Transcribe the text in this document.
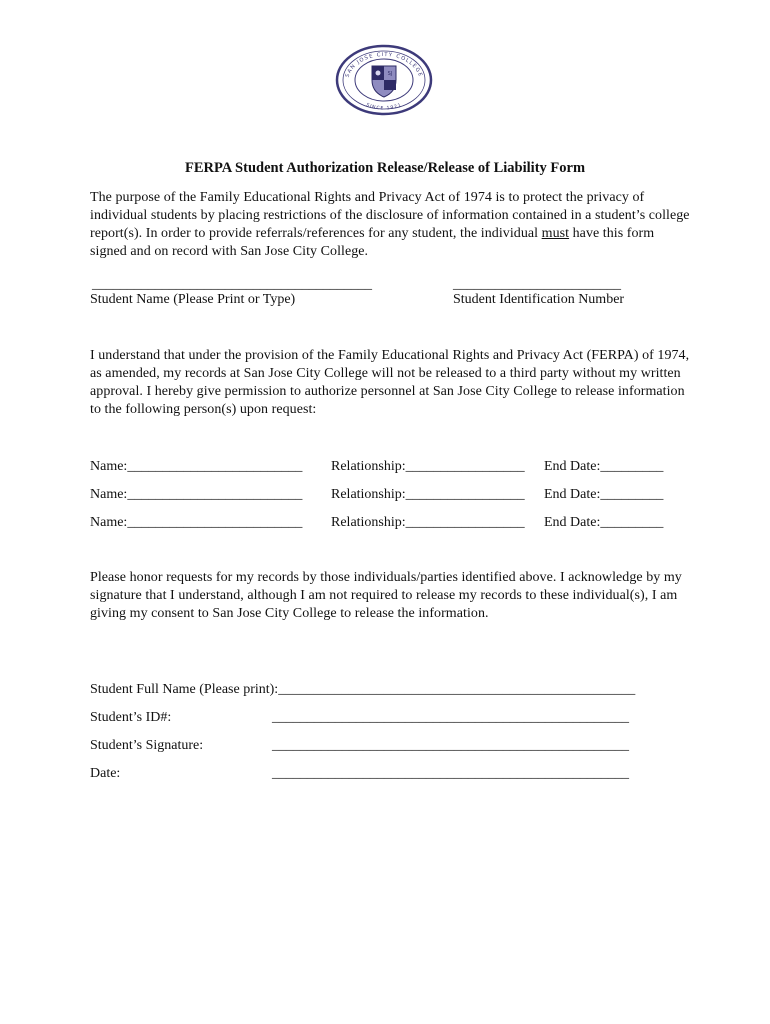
SAN JOSE CITY COLLEGE
SINCE 1921
SJ
FERPA Student Authorization Release/Release of Liability Form
The purpose of the Family Educational Rights and Privacy Act of 1974 is to protect the privacy of individual students by placing restrictions of the disclosure of information contained in a student’s college report(s). In order to provide referrals/references for any student, the individual must have this form signed and on record with San Jose City College.
________________________________________
Student Name (Please Print or Type)
________________________
Student Identification Number
I understand that under the provision of the Family Educational Rights and Privacy Act (FERPA) of 1974, as amended, my records at San Jose City College will not be released to a third party without my written approval. I hereby give permission to authorize personnel at San Jose City College to release information to the following person(s) upon request:
Name:_________________________ Relationship:_________________ End Date:_________
Name:_________________________ Relationship:_________________ End Date:_________
Name:_________________________ Relationship:_________________ End Date:_________
Please honor requests for my records by those individuals/parties identified above. I acknowledge by my signature that I understand, although I am not required to release my records to these individual(s), I am giving my consent to San Jose City College to release the information.
Student Full Name (Please print):___________________________________________________
Student’s ID#:	___________________________________________________
Student’s Signature:	___________________________________________________
Date:	___________________________________________________
